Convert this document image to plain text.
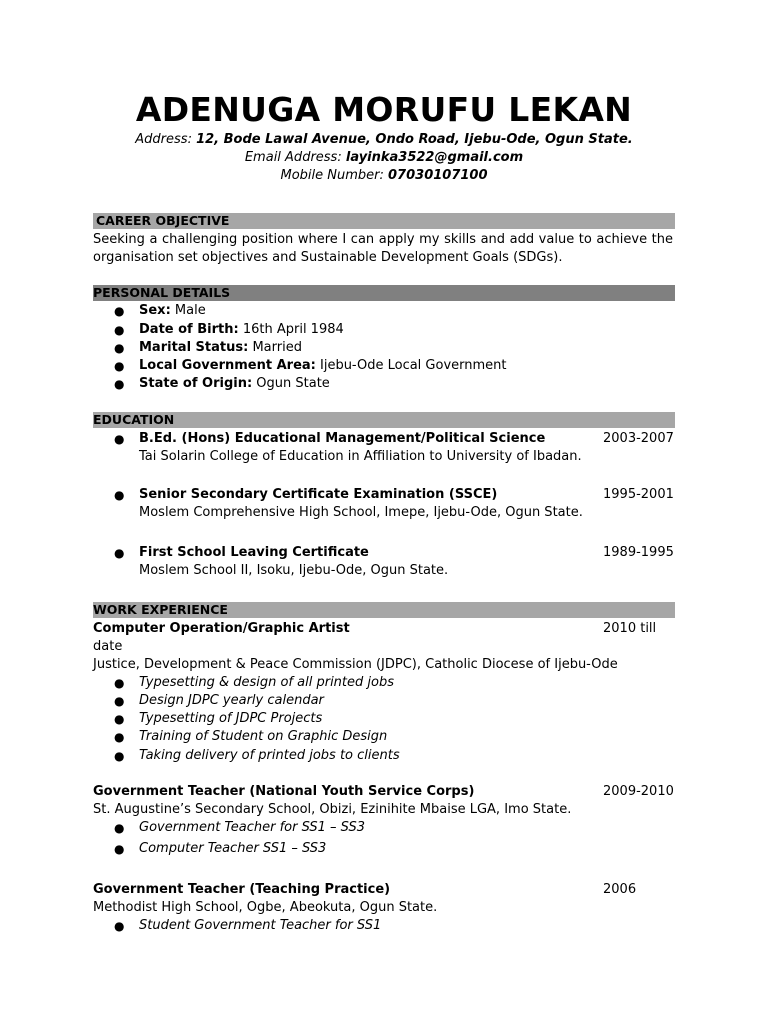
ADENUGA MORUFU LEKAN
Address: 12, Bode Lawal Avenue, Ondo Road, Ijebu-Ode, Ogun State.
Email Address: layinka3522@gmail.com
Mobile Number: 07030107100
CAREER OBJECTIVE
Seeking a challenging position where I can apply my skills and add value to achieve the
organisation set objectives and Sustainable Development Goals (SDGs).
PERSONAL DETAILS
● Sex: Male
● Date of Birth: 16th April 1984
● Marital Status: Married
● Local Government Area: Ijebu-Ode Local Government
● State of Origin: Ogun State
EDUCATION
● B.Ed. (Hons) Educational Management/Political Science	2003-2007
Tai Solarin College of Education in Affiliation to University of Ibadan.
● Senior Secondary Certificate Examination (SSCE)	1995-2001
Moslem Comprehensive High School, Imepe, Ijebu-Ode, Ogun State.
● First School Leaving Certificate	1989-1995
Moslem School II, Isoku, Ijebu-Ode, Ogun State.
WORK EXPERIENCE
Computer Operation/Graphic Artist	2010 till
date
Justice, Development & Peace Commission (JDPC), Catholic Diocese of Ijebu-Ode
● Typesetting & design of all printed jobs
● Design JDPC yearly calendar
● Typesetting of JDPC Projects
● Training of Student on Graphic Design
● Taking delivery of printed jobs to clients
Government Teacher (National Youth Service Corps)	2009-2010
St. Augustine’s Secondary School, Obizi, Ezinihite Mbaise LGA, Imo State.
● Government Teacher for SS1 – SS3
● Computer Teacher SS1 – SS3
Government Teacher (Teaching Practice)	2006
Methodist High School, Ogbe, Abeokuta, Ogun State.
● Student Government Teacher for SS1
